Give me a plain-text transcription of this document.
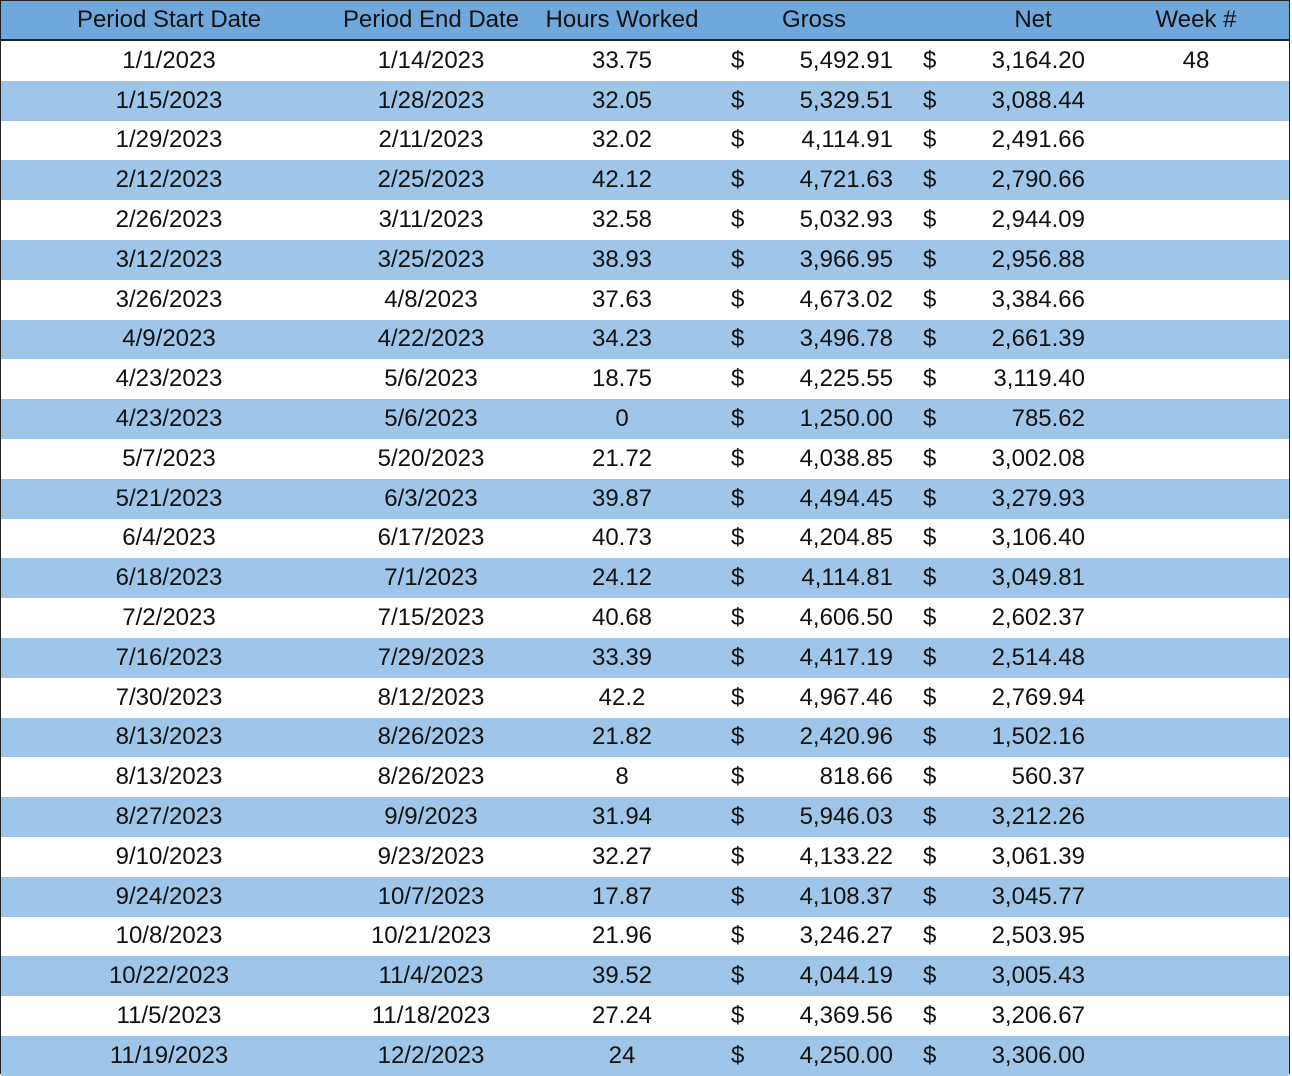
Period Start Date	Period End Date	Hours Worked	Gross	Net	Week #
1/1/2023	1/14/2023	33.75	$	5,492.91 $	3,164.20	48
1/15/2023	1/28/2023	32.05	$	5,329.51 $	3,088.44
1/29/2023	2/11/2023	32.02	$	4,114.91 $	2,491.66
2/12/2023	2/25/2023	42.12	$	4,721.63 $	2,790.66
2/26/2023	3/11/2023	32.58	$	5,032.93 $	2,944.09
3/12/2023	3/25/2023	38.93	$	3,966.95 $	2,956.88
3/26/2023	4/8/2023	37.63	$	4,673.02 $	3,384.66
4/9/2023	4/22/2023	34.23	$	3,496.78 $	2,661.39
4/23/2023	5/6/2023	18.75	$	4,225.55 $	3,119.40
4/23/2023	5/6/2023	0	$	1,250.00 $	785.62
5/7/2023	5/20/2023	21.72	$	4,038.85 $	3,002.08
5/21/2023	6/3/2023	39.87	$	4,494.45 $	3,279.93
6/4/2023	6/17/2023	40.73	$	4,204.85 $	3,106.40
6/18/2023	7/1/2023	24.12	$	4,114.81 $	3,049.81
7/2/2023	7/15/2023	40.68	$	4,606.50 $	2,602.37
7/16/2023	7/29/2023	33.39	$	4,417.19 $	2,514.48
7/30/2023	8/12/2023	42.2	$	4,967.46 $	2,769.94
8/13/2023	8/26/2023	21.82	$	2,420.96 $	1,502.16
8/13/2023	8/26/2023	8	$	818.66 $	560.37
8/27/2023	9/9/2023	31.94	$	5,946.03 $	3,212.26
9/10/2023	9/23/2023	32.27	$	4,133.22 $	3,061.39
9/24/2023	10/7/2023	17.87	$	4,108.37 $	3,045.77
10/8/2023	10/21/2023	21.96	$	3,246.27 $	2,503.95
10/22/2023	11/4/2023	39.52	$	4,044.19 $	3,005.43
11/5/2023	11/18/2023	27.24	$	4,369.56 $	3,206.67
11/19/2023	12/2/2023	24	$	4,250.00 $	3,306.00
